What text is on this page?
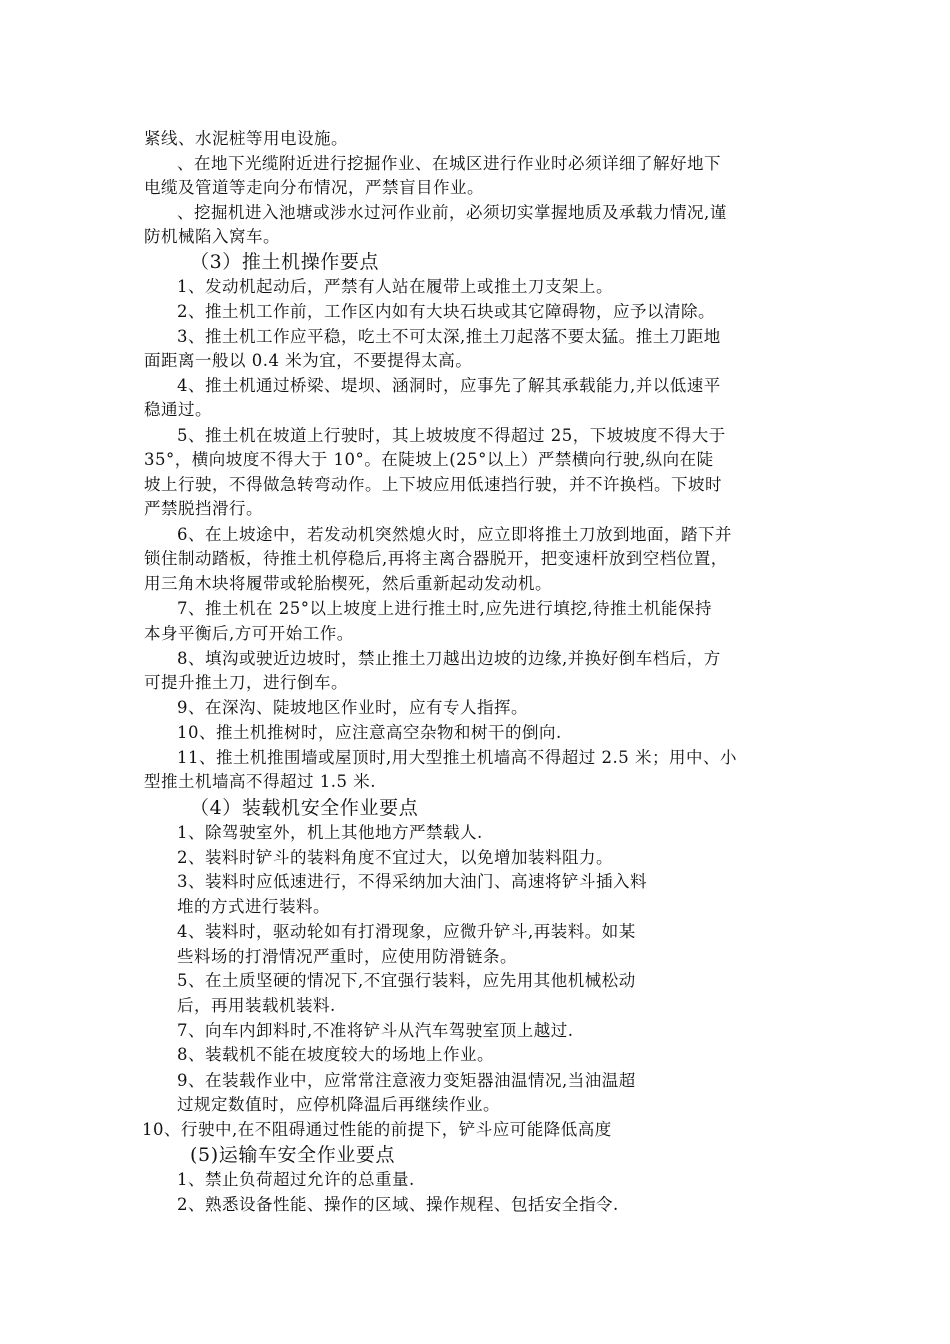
紧线、水泥桩等用电设施。
、在地下光缆附近进行挖掘作业、在城区进行作业时必须详细了解好地下
电缆及管道等走向分布情况，严禁盲目作业。
、挖掘机进入池塘或涉水过河作业前，必须切实掌握地质及承载力情况,谨
防机械陷入窝车。
（3）推土机操作要点
1、发动机起动后，严禁有人站在履带上或推土刀支架上。
2、推土机工作前，工作区内如有大块石块或其它障碍物，应予以清除。
3、推土机工作应平稳，吃土不可太深,推土刀起落不要太猛。推土刀距地
面距离一般以 0.4 米为宜，不要提得太高。
4、推土机通过桥梁、堤坝、涵洞时，应事先了解其承载能力,并以低速平
稳通过。
5、推土机在坡道上行驶时，其上坡坡度不得超过 25，下坡坡度不得大于
35°，横向坡度不得大于 10°。在陡坡上(25°以上）严禁横向行驶,纵向在陡
坡上行驶，不得做急转弯动作。上下坡应用低速挡行驶，并不许换档。下坡时
严禁脱挡滑行。
6、在上坡途中，若发动机突然熄火时，应立即将推土刀放到地面，踏下并
锁住制动踏板，待推土机停稳后,再将主离合器脱开，把变速杆放到空档位置，
用三角木块将履带或轮胎楔死，然后重新起动发动机。
7、推土机在 25°以上坡度上进行推土时,应先进行填挖,待推土机能保持
本身平衡后,方可开始工作。
8、填沟或驶近边坡时，禁止推土刀越出边坡的边缘,并换好倒车档后，方
可提升推土刀，进行倒车。
9、在深沟、陡坡地区作业时，应有专人指挥。
10、推土机推树时，应注意高空杂物和树干的倒向.
11、推土机推围墙或屋顶时,用大型推土机墙高不得超过 2.5 米；用中、小
型推土机墙高不得超过 1.5 米.
（4）装载机安全作业要点
1、除驾驶室外，机上其他地方严禁载人.
2、装料时铲斗的装料角度不宜过大，以免增加装料阻力。
3、装料时应低速进行，不得采纳加大油门、高速将铲斗插入料
堆的方式进行装料。
4、装料时，驱动轮如有打滑现象，应微升铲斗,再装料。如某
些料场的打滑情况严重时，应使用防滑链条。
5、在土质坚硬的情况下,不宜强行装料，应先用其他机械松动
后，再用装载机装料.
7、向车内卸料时,不准将铲斗从汽车驾驶室顶上越过.
8、装载机不能在坡度较大的场地上作业。
9、在装载作业中，应常常注意液力变矩器油温情况,当油温超
过规定数值时，应停机降温后再继续作业。
10、行驶中,在不阻碍通过性能的前提下，铲斗应可能降低高度
(5)运输车安全作业要点
1、禁止负荷超过允许的总重量.
2、熟悉设备性能、操作的区域、操作规程、包括安全指令.
